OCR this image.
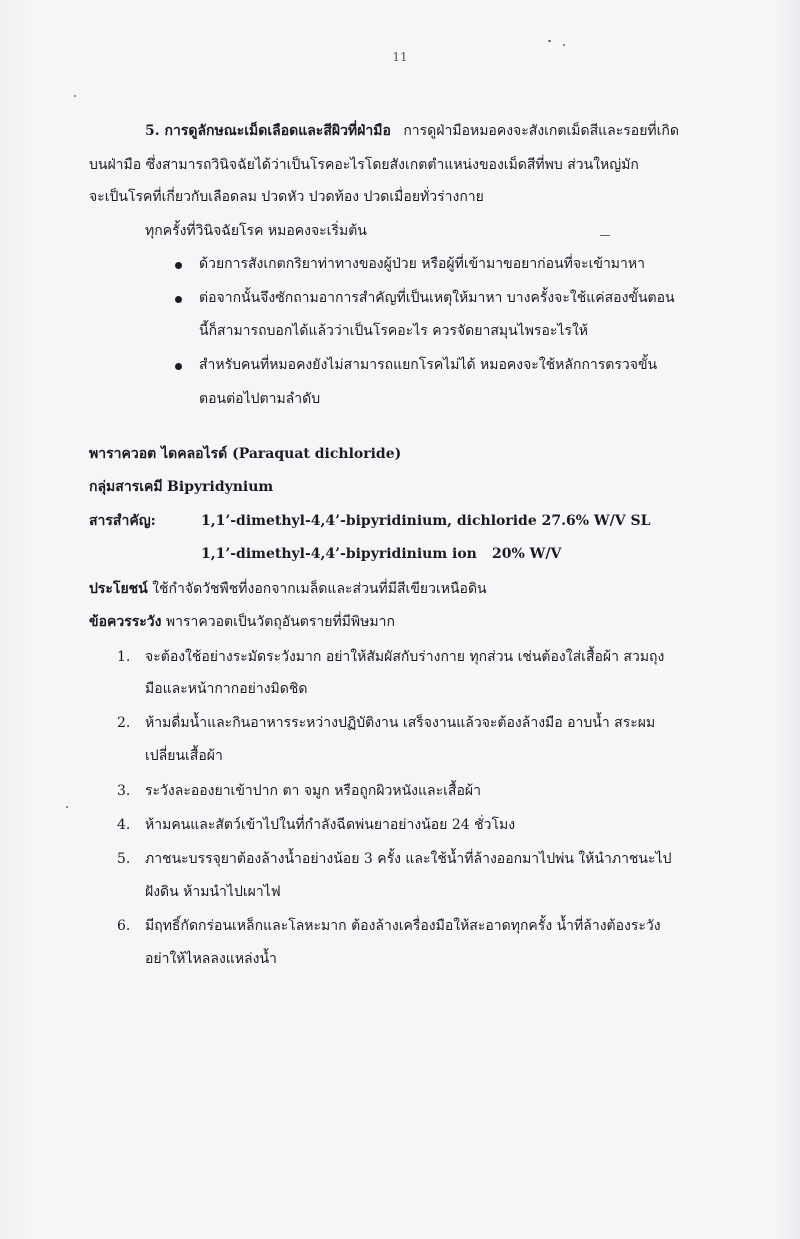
11
5. การดูลักษณะเม็ดเลือดและสีผิวที่ฝ่ามือ การดูฝ่ามือหมอคงจะสังเกตเม็ดสีและรอยที่เกิด
บนฝ่ามือ ซึ่งสามารถวินิจฉัยได้ว่าเป็นโรคอะไรโดยสังเกตตำแหน่งของเม็ดสีที่พบ ส่วนใหญ่มัก
จะเป็นโรคที่เกี่ยวกับเลือดลม ปวดหัว ปวดท้อง ปวดเมื่อยทั่วร่างกาย
ทุกครั้งที่วินิจฉัยโรค หมอคงจะเริ่มต้น
ด้วยการสังเกตกริยาท่าทางของผู้ป่วย หรือผู้ที่เข้ามาขอยาก่อนที่จะเข้ามาหา
ต่อจากนั้นจึงซักถามอาการสำคัญที่เป็นเหตุให้มาหา บางครั้งจะใช้แค่สองขั้นตอน
นี้ก็สามารถบอกได้แล้วว่าเป็นโรคอะไร ควรจัดยาสมุนไพรอะไรให้
สำหรับคนที่หมอคงยังไม่สามารถแยกโรคไม่ได้ หมอคงจะใช้หลักการตรวจขั้น
ตอนต่อไปตามลำดับ
พาราควอต ไดคลอไรด์ (Paraquat dichloride)
กลุ่มสารเคมี Bipyridynium
สารสำคัญ:	1,1’-dimethyl-4,4’-bipyridinium, dichloride 27.6% W/V SL
1,1’-dimethyl-4,4’-bipyridinium ion 20% W/V
ประโยชน์ ใช้กำจัดวัชพืชที่งอกจากเมล็ดและส่วนที่มีสีเขียวเหนือดิน
ข้อควรระวัง พาราควอตเป็นวัตถุอันตรายที่มีพิษมาก
1. จะต้องใช้อย่างระมัดระวังมาก อย่าให้สัมผัสกับร่างกาย ทุกส่วน เช่นต้องใส่เสื้อผ้า สวมถุง
มือและหน้ากากอย่างมิดชิด
2. ห้ามดื่มน้ำและกินอาหารระหว่างปฏิบัติงาน เสร็จงานแล้วจะต้องล้างมือ อาบน้ำ สระผม
เปลี่ยนเสื้อผ้า
3. ระวังละอองยาเข้าปาก ตา จมูก หรือถูกผิวหนังและเสื้อผ้า
4. ห้ามคนและสัตว์เข้าไปในที่กำลังฉีดพ่นยาอย่างน้อย 24 ชั่วโมง
5. ภาชนะบรรจุยาต้องล้างน้ำอย่างน้อย 3 ครั้ง และใช้น้ำที่ล้างออกมาไปพ่น ให้นำภาชนะไป
ฝังดิน ห้ามนำไปเผาไฟ
6. มีฤทธิ์กัดกร่อนเหล็กและโลหะมาก ต้องล้างเครื่องมือให้สะอาดทุกครั้ง น้ำที่ล้างต้องระวัง
อย่าให้ไหลลงแหล่งน้ำ
